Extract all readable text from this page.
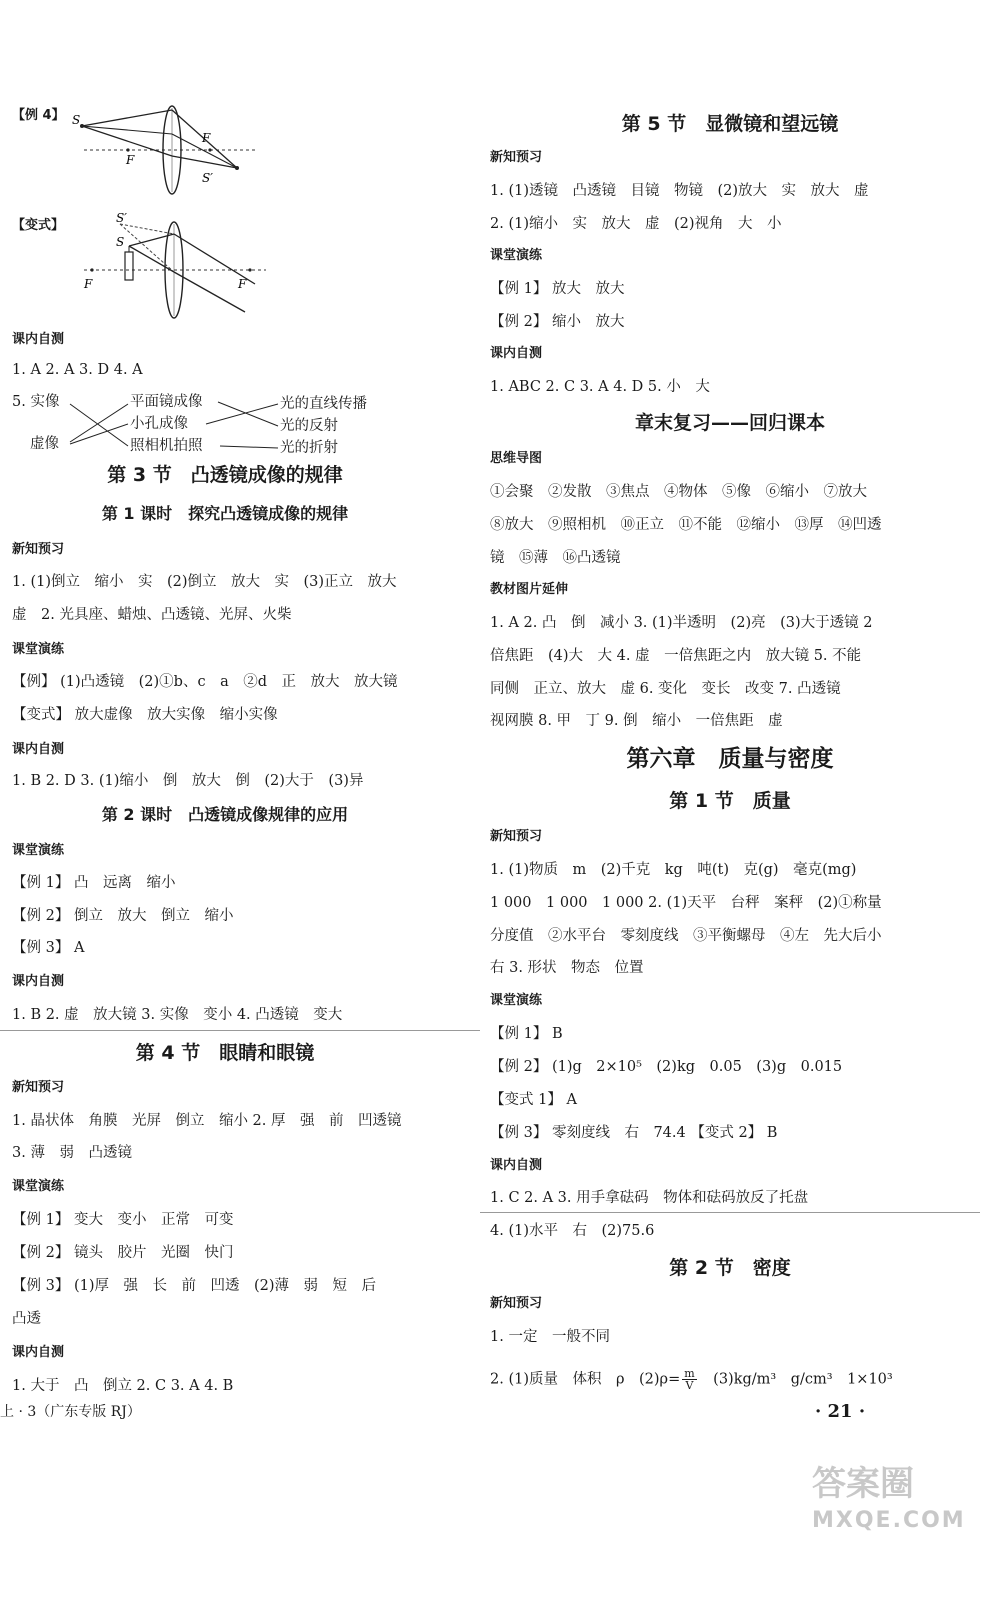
【例 4】 S
F
F
S′
【变式】	S′
S
F	F
课内自测
1. A 2. A 3. D 4. A
5. 实像
虚像
平面镜成像
小孔成像
照相机拍照
光的直线传播
光的反射
光的折射
第 3 节　凸透镜成像的规律
第 1 课时　探究凸透镜成像的规律
新知预习
1. (1)倒立　缩小　实　(2)倒立　放大　实　(3)正立　放大
虚　2. 光具座、蜡烛、凸透镜、光屏、火柴
课堂演练
【例】 (1)凸透镜　(2)①b、c　a　②d　正　放大　放大镜
【变式】 放大虚像　放大实像　缩小实像
课内自测
1. B 2. D 3. (1)缩小　倒　放大　倒　(2)大于　(3)异
第 2 课时　凸透镜成像规律的应用
课堂演练
【例 1】 凸　远离　缩小
【例 2】 倒立　放大　倒立　缩小
【例 3】 A
课内自测
1. B 2. 虚　放大镜 3. 实像　变小 4. 凸透镜　变大
第 4 节　眼睛和眼镜
新知预习
1. 晶状体　角膜　光屏　倒立　缩小 2. 厚　强　前　凹透镜
3. 薄　弱　凸透镜
课堂演练
【例 1】 变大　变小　正常　可变
【例 2】 镜头　胶片　光圈　快门
【例 3】 (1)厚　强　长　前　凹透　(2)薄　弱　短　后
凸透
课内自测
1. 大于　凸　倒立 2. C 3. A 4. B
上 · 3（广东专版 RJ）
第 5 节　显微镜和望远镜
新知预习
1. (1)透镜　凸透镜　目镜　物镜　(2)放大　实　放大　虚
2. (1)缩小　实　放大　虚　(2)视角　大　小
课堂演练
【例 1】 放大　放大
【例 2】 缩小　放大
课内自测
1. ABC 2. C 3. A 4. D 5. 小　大
章末复习——回归课本
思维导图
①会聚　②发散　③焦点　④物体　⑤像　⑥缩小　⑦放大
⑧放大　⑨照相机　⑩正立　⑪不能　⑫缩小　⑬厚　⑭凹透
镜　⑮薄　⑯凸透镜
教材图片延伸
1. A 2. 凸　倒　减小 3. (1)半透明　(2)亮　(3)大于透镜 2
倍焦距　(4)大　大 4. 虚　一倍焦距之内　放大镜 5. 不能
同侧　正立、放大　虚 6. 变化　变长　改变 7. 凸透镜
视网膜 8. 甲　丁 9. 倒　缩小　一倍焦距　虚
第六章　质量与密度
第 1 节　质量
新知预习
1. (1)物质　m　(2)千克　kg　吨(t)　克(g)　毫克(mg)
1 000　1 000　1 000 2. (1)天平　台秤　案秤　(2)①称量
分度值　②水平台　零刻度线　③平衡螺母　④左　先大后小
右 3. 形状　物态　位置
课堂演练
【例 1】 B
【例 2】 (1)g　2×10⁵　(2)kg　0.05　(3)g　0.015
【变式 1】 A
【例 3】 零刻度线　右　74.4 【变式 2】 B
课内自测
1. C 2. A 3. 用手拿砝码　物体和砝码放反了托盘
4. (1)水平　右　(2)75.6
第 2 节　密度
新知预习
1. 一定　一般不同
2. (1)质量　体积　ρ　$(2)\rho= \frac{m}{V}$
　 (3)kg/m³　g/cm³　1×10³
· 21 ·
答案圈
MXQE.COM
